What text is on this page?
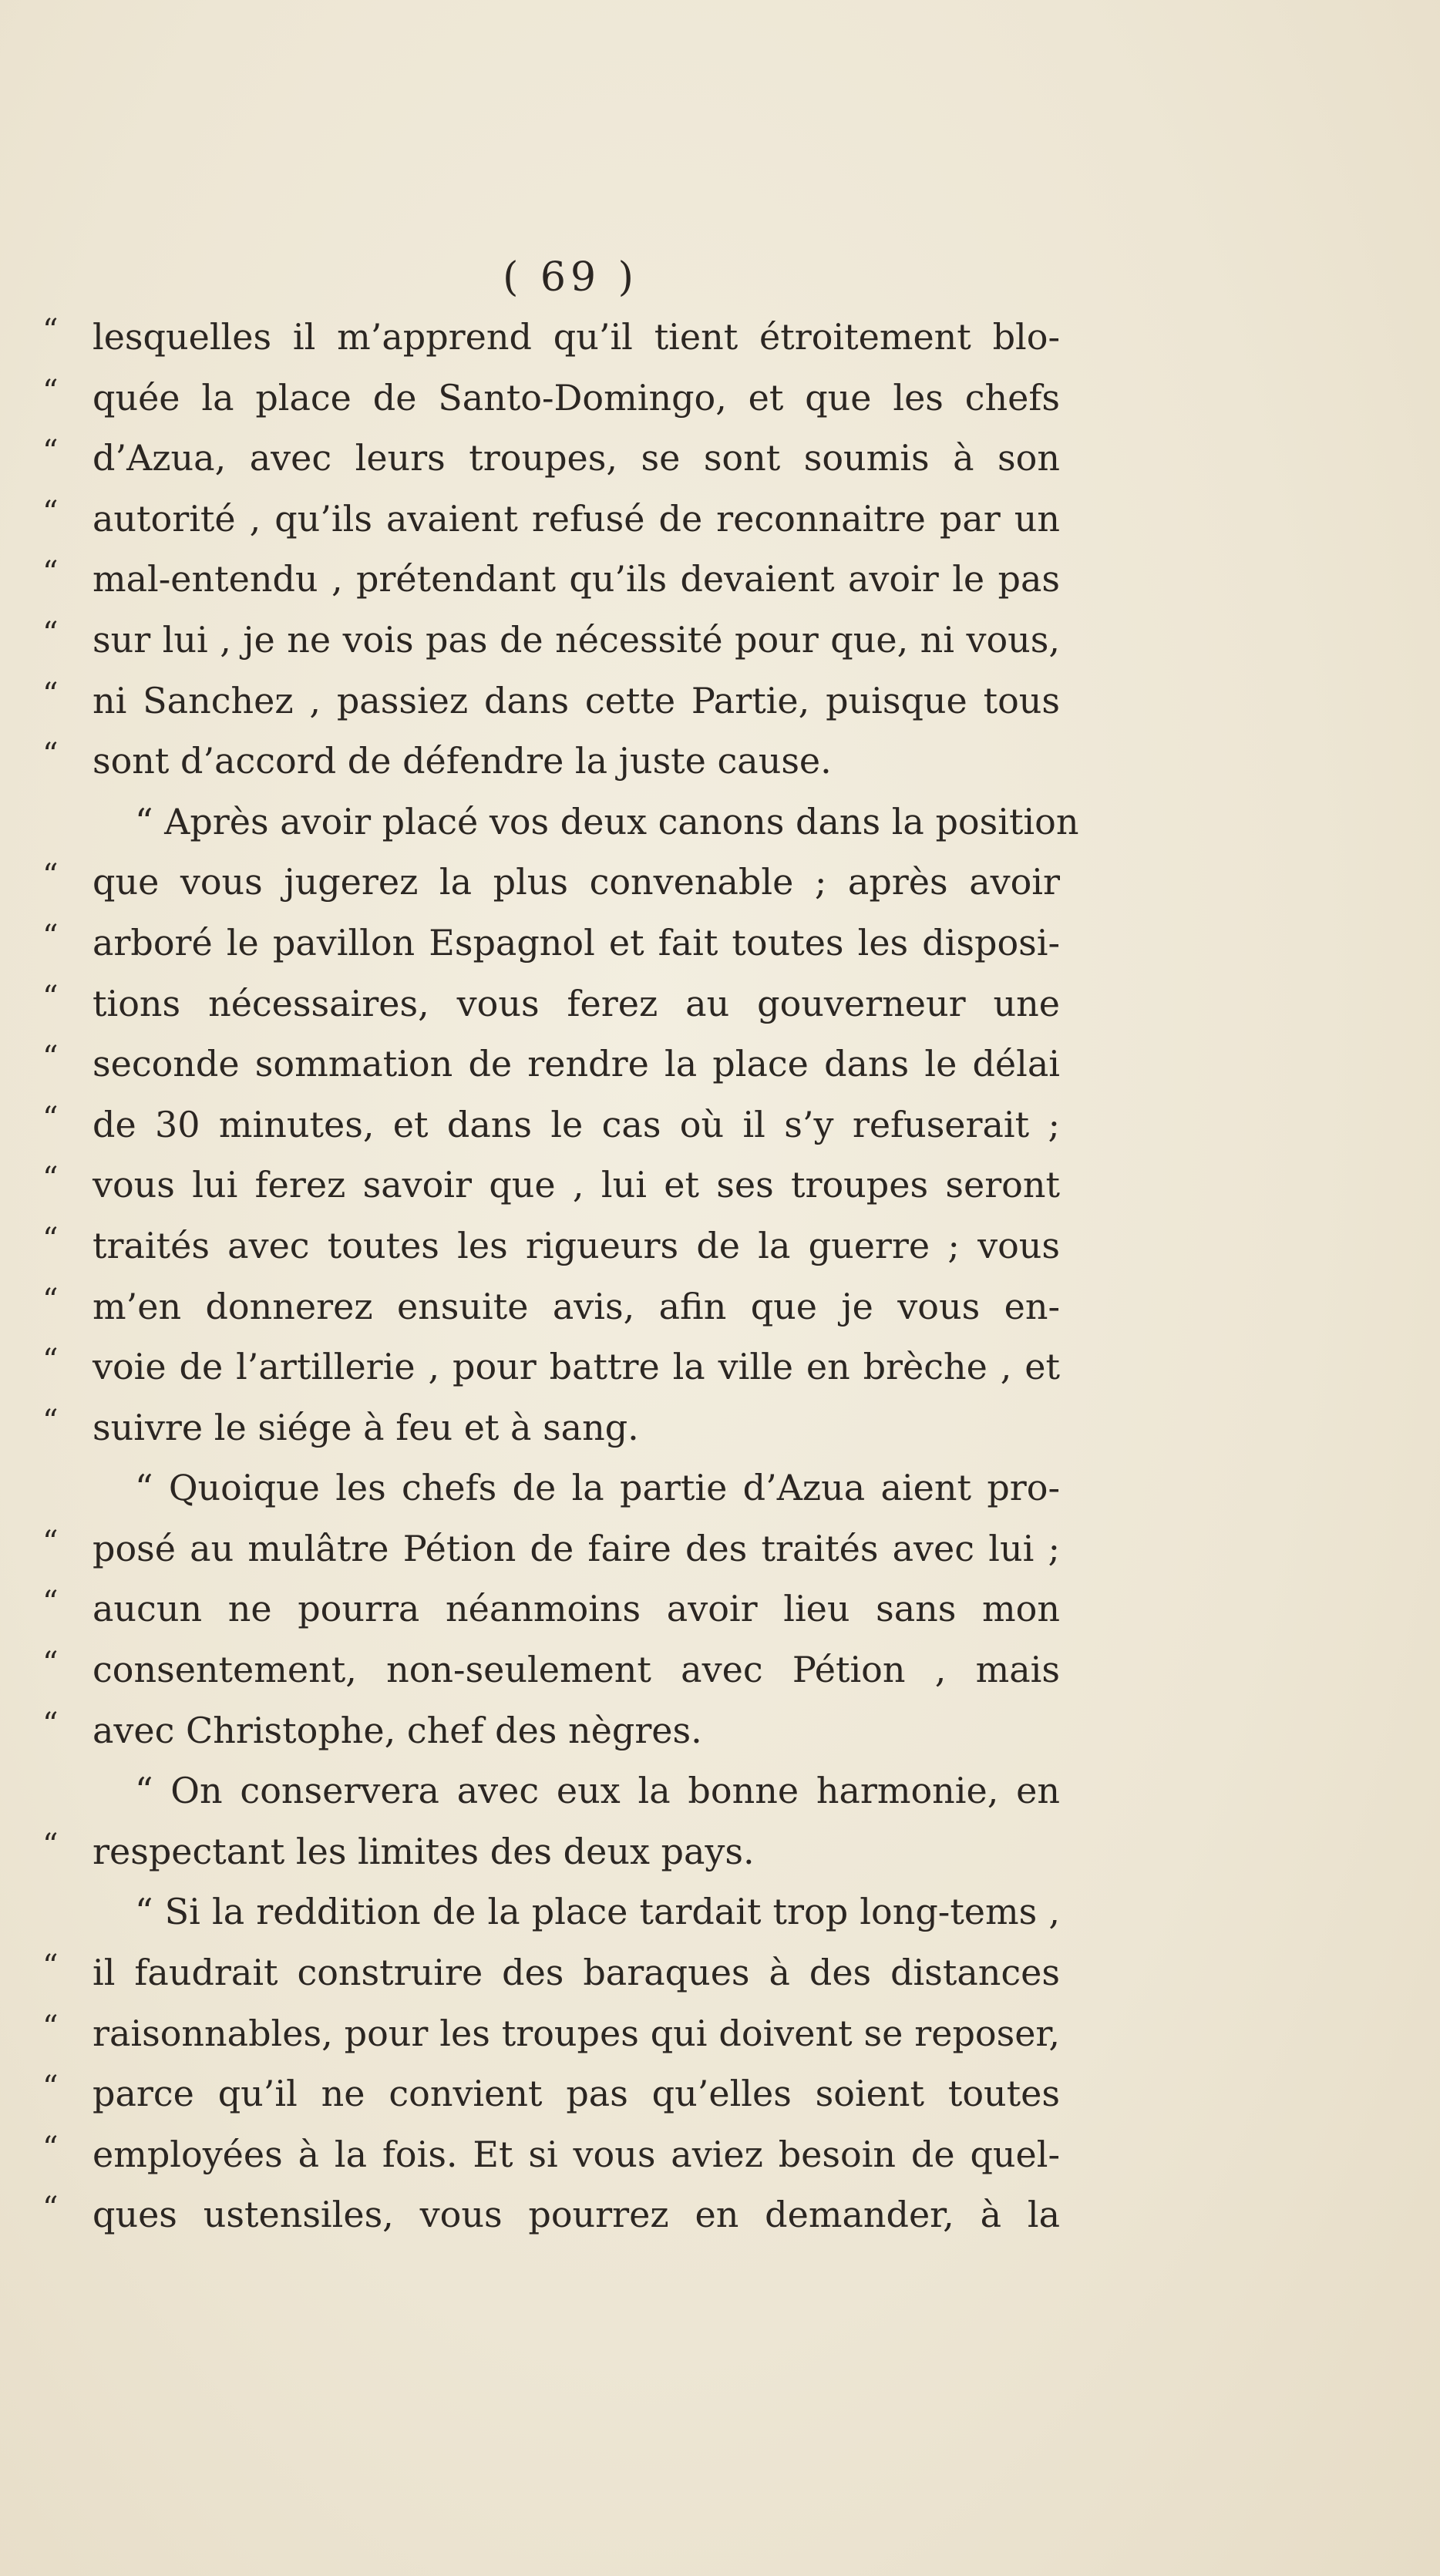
( 69 )
“ lesquelles il m’apprend qu’il tient étroitement blo-
“ quée la place de Santo-Domingo, et que les chefs
“ d’Azua, avec leurs troupes, se sont soumis à son
“ autorité , qu’ils avaient refusé de reconnaitre par un
“ mal-entendu , prétendant qu’ils devaient avoir le pas
“ sur lui , je ne vois pas de nécessité pour que, ni vous,
“ ni Sanchez , passiez dans cette Partie, puisque tous
“ sont d’accord de défendre la juste cause.
“ Après avoir placé vos deux canons dans la position
“ que vous jugerez la plus convenable ; après avoir
“ arboré le pavillon Espagnol et fait toutes les disposi-
“ tions nécessaires, vous ferez au gouverneur une
“ seconde sommation de rendre la place dans le délai
“ de 30 minutes, et dans le cas où il s’y refuserait ;
“ vous lui ferez savoir que , lui et ses troupes seront
“ traités avec toutes les rigueurs de la guerre ; vous
“ m’en donnerez ensuite avis, afin que je vous en-
“ voie de l’artillerie , pour battre la ville en brèche , et
“ suivre le siége à feu et à sang.
“ Quoique les chefs de la partie d’Azua aient pro-
“ posé au mulâtre Pétion de faire des traités avec lui ;
“ aucun ne pourra néanmoins avoir lieu sans mon
“ consentement, non-seulement avec Pétion , mais
“ avec Christophe, chef des nègres.
“ On conservera avec eux la bonne harmonie, en
“ respectant les limites des deux pays.
“ Si la reddition de la place tardait trop long-tems ,
“ il faudrait construire des baraques à des distances
“ raisonnables, pour les troupes qui doivent se reposer,
“ parce qu’il ne convient pas qu’elles soient toutes
“ employées à la fois. Et si vous aviez besoin de quel-
“ ques ustensiles, vous pourrez en demander, à la
